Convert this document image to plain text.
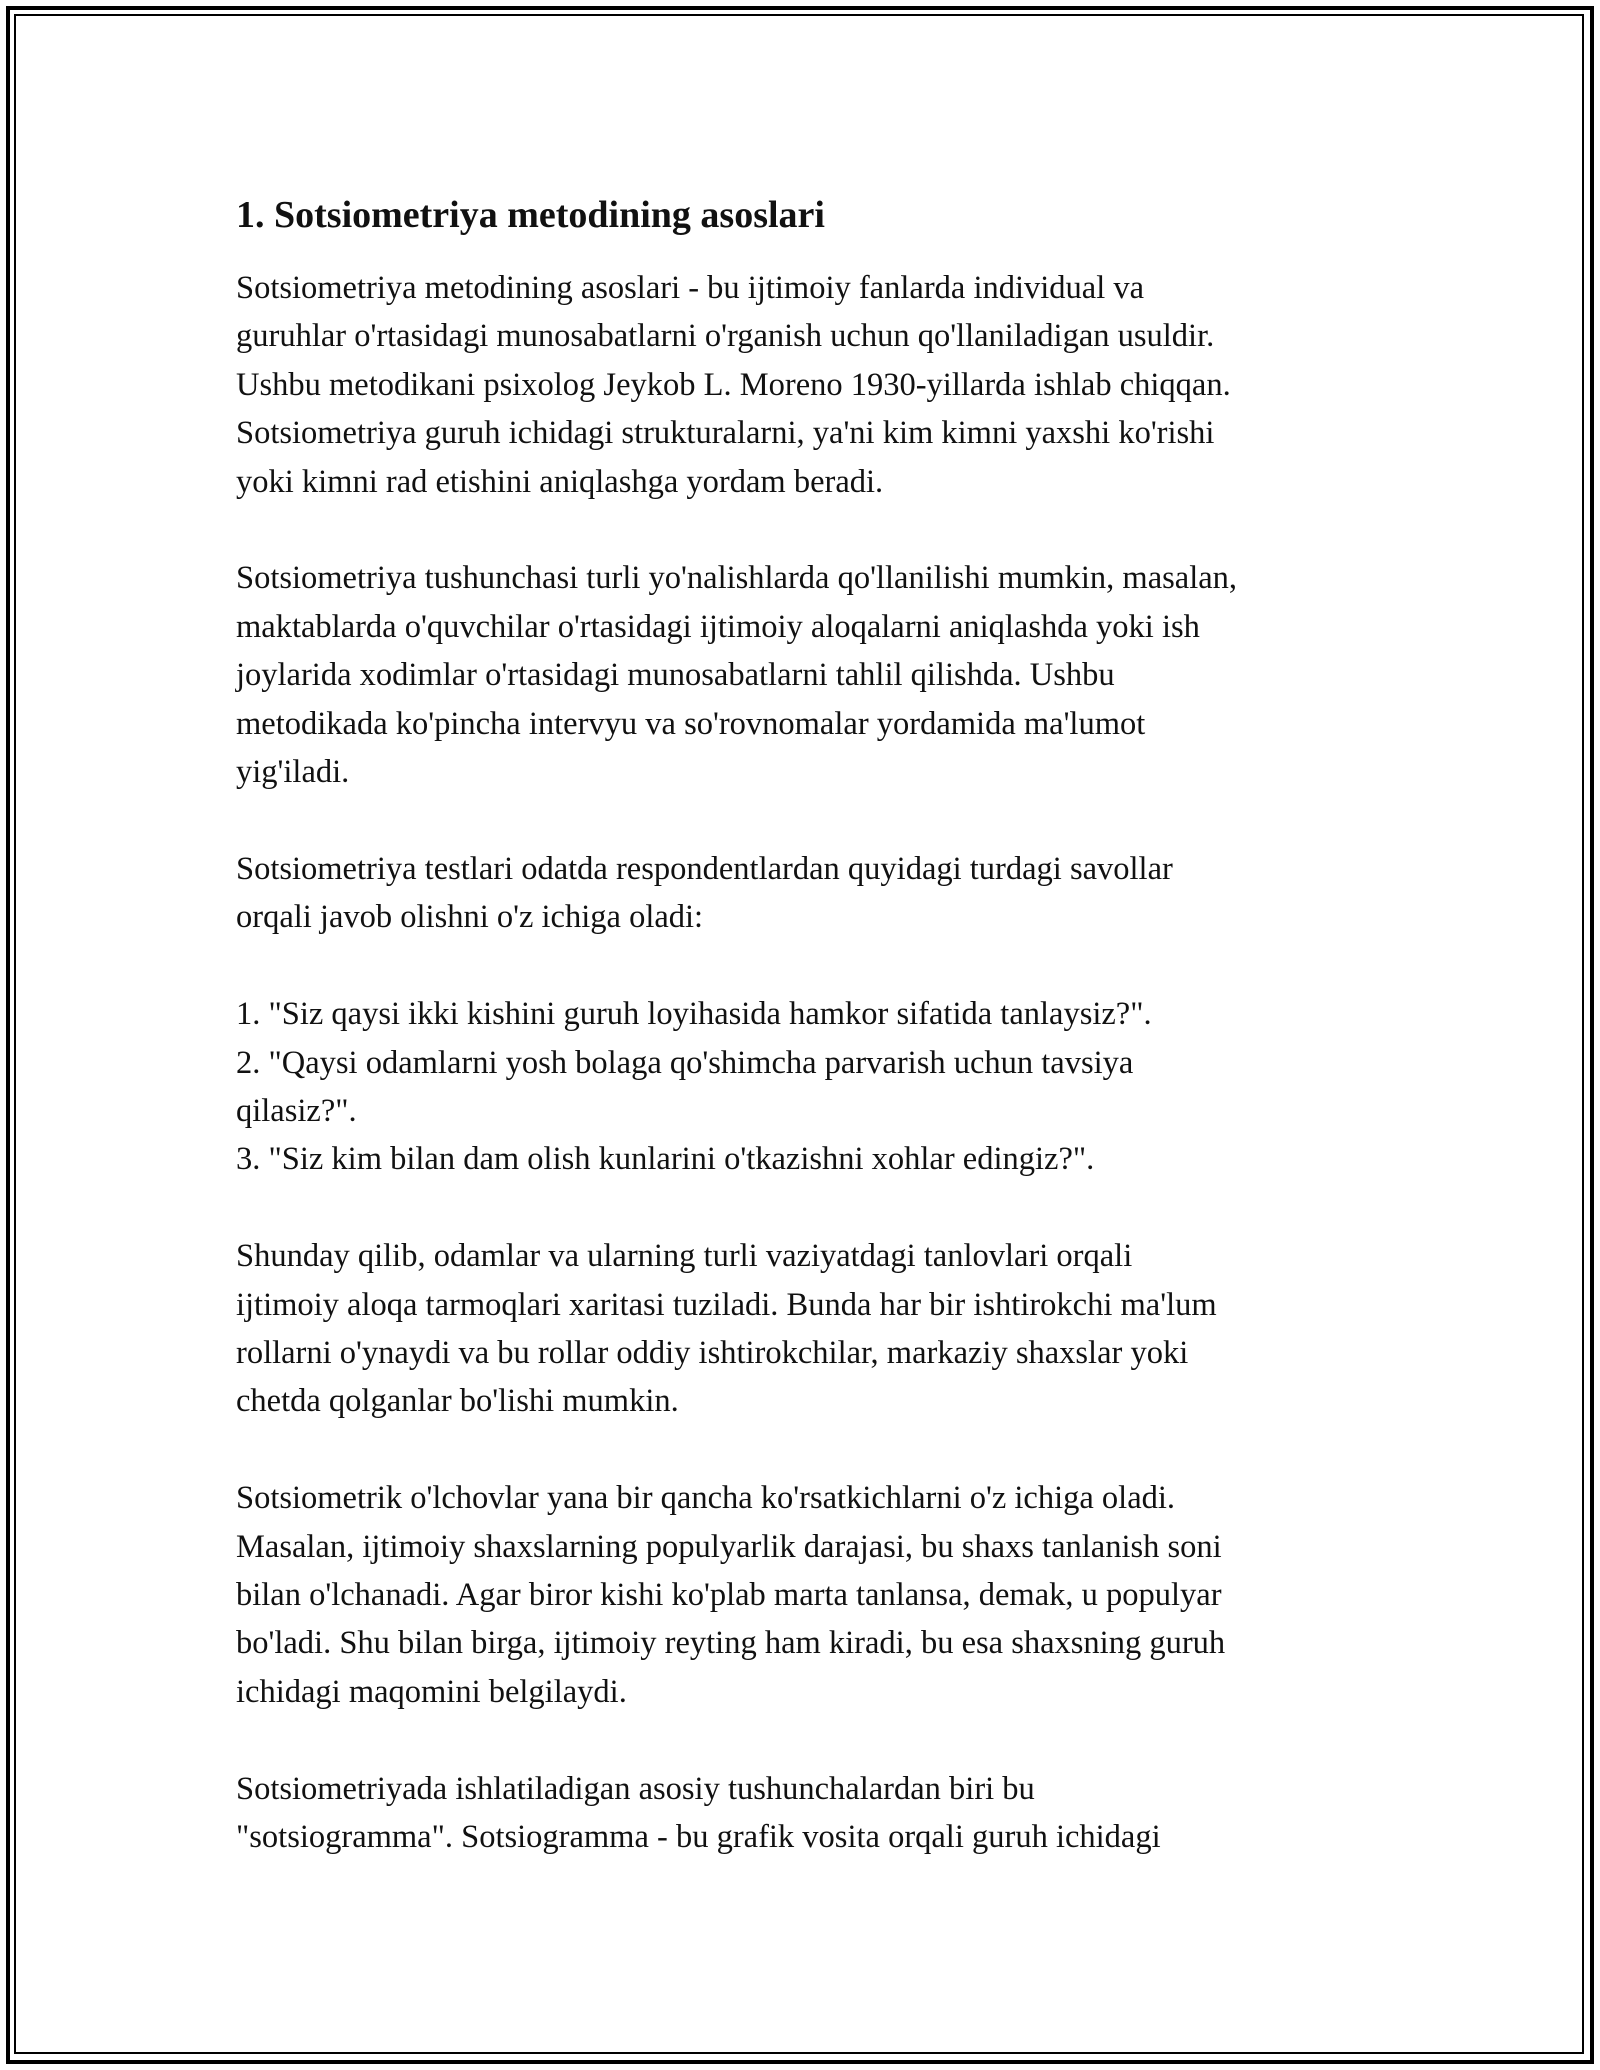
1. Sotsiometriya metodining asoslari

Sotsiometriya metodining asoslari - bu ijtimoiy fanlarda individual va
guruhlar o'rtasidagi munosabatlarni o'rganish uchun qo'llaniladigan usuldir.
Ushbu metodikani psixolog Jeykob L. Moreno 1930-yillarda ishlab chiqqan.
Sotsiometriya guruh ichidagi strukturalarni, ya'ni kim kimni yaxshi ko'rishi
yoki kimni rad etishini aniqlashga yordam beradi.

Sotsiometriya tushunchasi turli yo'nalishlarda qo'llanilishi mumkin, masalan,
maktablarda o'quvchilar o'rtasidagi ijtimoiy aloqalarni aniqlashda yoki ish
joylarida xodimlar o'rtasidagi munosabatlarni tahlil qilishda. Ushbu
metodikada ko'pincha intervyu va so'rovnomalar yordamida ma'lumot
yig'iladi.

Sotsiometriya testlari odatda respondentlardan quyidagi turdagi savollar
orqali javob olishni o'z ichiga oladi:

1. "Siz qaysi ikki kishini guruh loyihasida hamkor sifatida tanlaysiz?".
2. "Qaysi odamlarni yosh bolaga qo'shimcha parvarish uchun tavsiya
qilasiz?".
3. "Siz kim bilan dam olish kunlarini o'tkazishni xohlar edingiz?".

Shunday qilib, odamlar va ularning turli vaziyatdagi tanlovlari orqali
ijtimoiy aloqa tarmoqlari xaritasi tuziladi. Bunda har bir ishtirokchi ma'lum
rollarni o'ynaydi va bu rollar oddiy ishtirokchilar, markaziy shaxslar yoki
chetda qolganlar bo'lishi mumkin.

Sotsiometrik o'lchovlar yana bir qancha ko'rsatkichlarni o'z ichiga oladi.
Masalan, ijtimoiy shaxslarning populyarlik darajasi, bu shaxs tanlanish soni
bilan o'lchanadi. Agar biror kishi ko'plab marta tanlansa, demak, u populyar
bo'ladi. Shu bilan birga, ijtimoiy reyting ham kiradi, bu esa shaxsning guruh
ichidagi maqomini belgilaydi.

Sotsiometriyada ishlatiladigan asosiy tushunchalardan biri bu
"sotsiogramma". Sotsiogramma - bu grafik vosita orqali guruh ichidagi
